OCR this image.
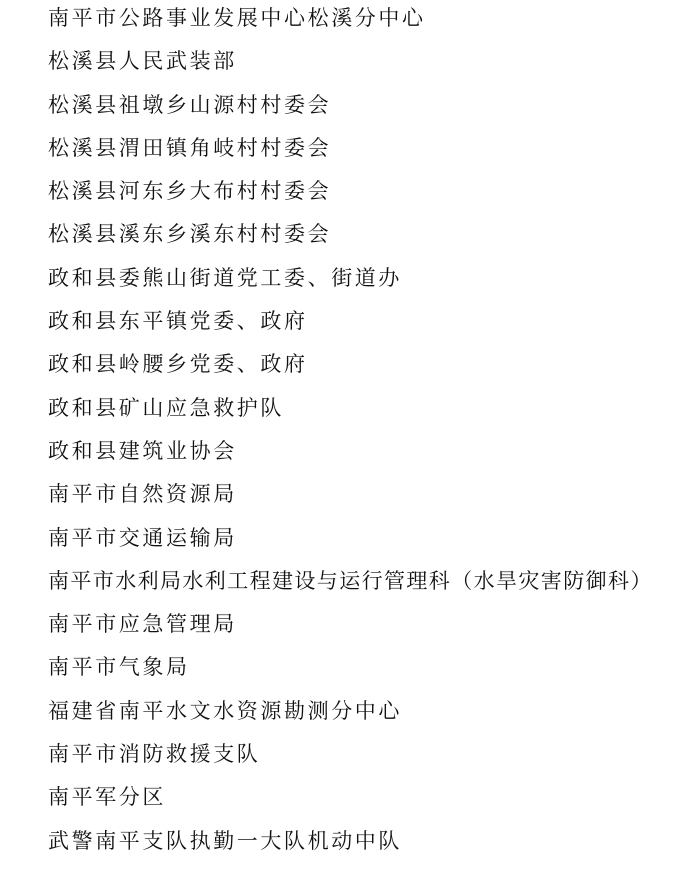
南平市公路事业发展中心松溪分中心
松溪县人民武装部
松溪县祖墩乡山源村村委会
松溪县渭田镇角岐村村委会
松溪县河东乡大布村村委会
松溪县溪东乡溪东村村委会
政和县委熊山街道党工委、街道办
政和县东平镇党委、政府
政和县岭腰乡党委、政府
政和县矿山应急救护队
政和县建筑业协会
南平市自然资源局
南平市交通运输局
南平市水利局水利工程建设与运行管理科（水旱灾害防御科）
南平市应急管理局
南平市气象局
福建省南平水文水资源勘测分中心
南平市消防救援支队
南平军分区
武警南平支队执勤一大队机动中队
